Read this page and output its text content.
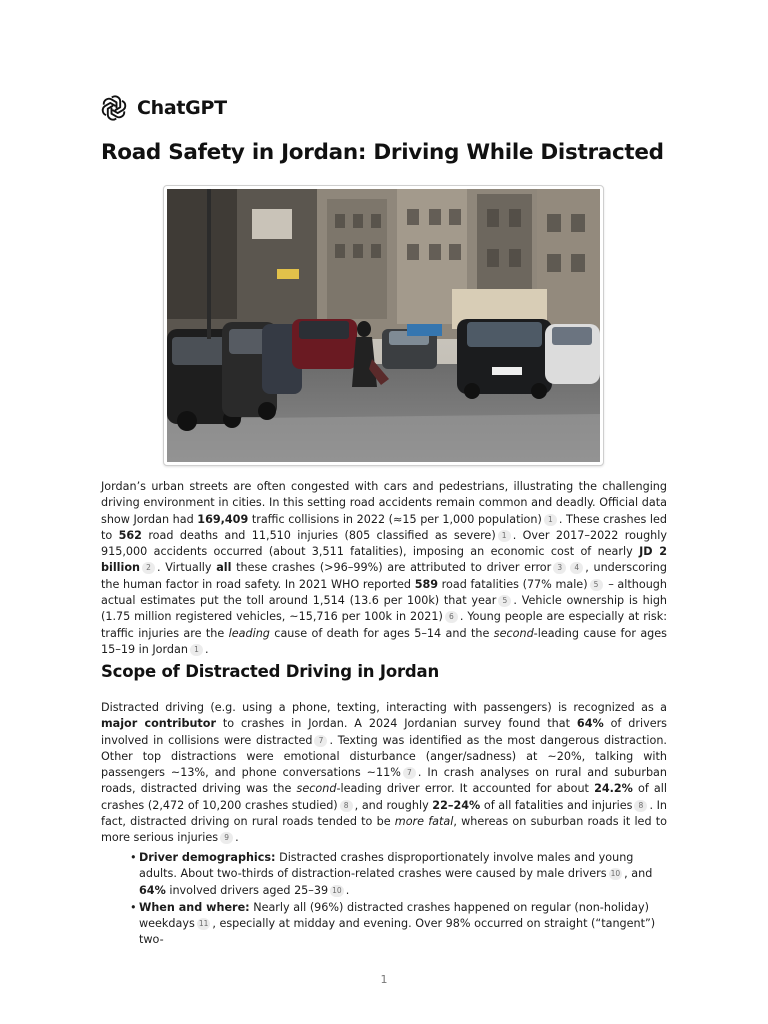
ChatGPT
Road Safety in Jordan: Driving While Distracted

Jordan’s urban streets are often congested with cars and pedestrians, illustrating the challenging driving environment in cities. In this setting road accidents remain common and deadly. Official data show Jordan had 169,409 traffic collisions in 2022 (≈15 per 1,000 population) 1 . These crashes led to 562 road deaths and 11,510 injuries (805 classified as severe) 1 . Over 2017–2022 roughly 915,000 accidents occurred (about 3,511 fatalities), imposing an economic cost of nearly JD 2 billion 2 . Virtually all these crashes (>96–99%) are attributed to driver error 3 4 , underscoring the human factor in road safety. In 2021 WHO reported 589 road fatalities (77% male) 5 – although actual estimates put the toll around 1,514 (13.6 per 100k) that year 5 . Vehicle ownership is high (1.75 million registered vehicles, ~15,716 per 100k in 2021) 6 . Young people are especially at risk: traffic injuries are the leading cause of death for ages 5–14 and the second-leading cause for ages 15–19 in Jordan 1 .

Scope of Distracted Driving in Jordan

Distracted driving (e.g. using a phone, texting, interacting with passengers) is recognized as a major contributor to crashes in Jordan. A 2024 Jordanian survey found that 64% of drivers involved in collisions were distracted 7 . Texting was identified as the most dangerous distraction. Other top distractions were emotional disturbance (anger/sadness) at ~20%, talking with passengers ~13%, and phone conversations ~11% 7 . In crash analyses on rural and suburban roads, distracted driving was the second-leading driver error. It accounted for about 24.2% of all crashes (2,472 of 10,200 crashes studied) 8 , and roughly 22–24% of all fatalities and injuries 8 . In fact, distracted driving on rural roads tended to be more fatal, whereas on suburban roads it led to more serious injuries 9 .

• Driver demographics: Distracted crashes disproportionately involve males and young adults. About two-thirds of distraction-related crashes were caused by male drivers 10 , and 64% involved drivers aged 25–39 10 .
• When and where: Nearly all (96%) distracted crashes happened on regular (non-holiday) weekdays 11 , especially at midday and evening. Over 98% occurred on straight (“tangent”) two-
1
